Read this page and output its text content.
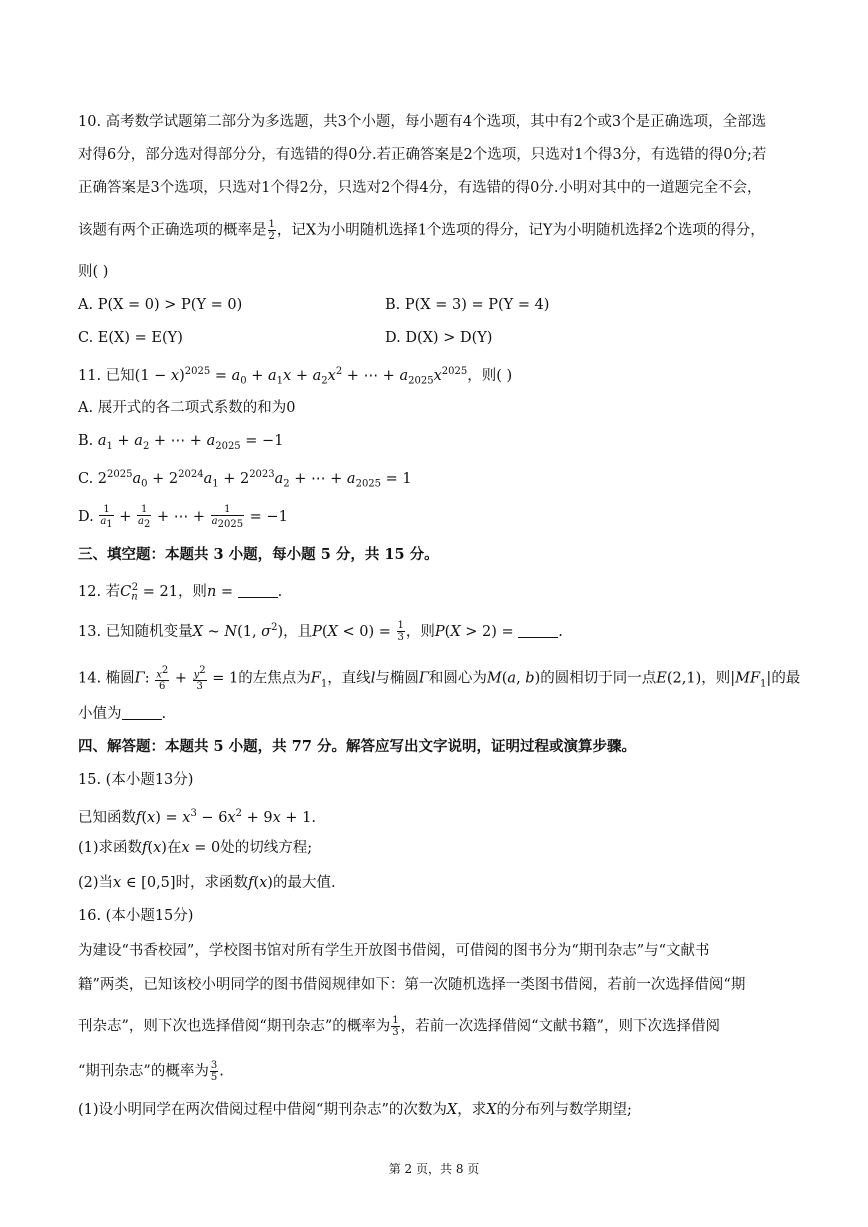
10. 高考数学试题第二部分为多选题，共3个小题，每小题有4个选项，其中有2个或3个是正确选项，全部选
对得6分，部分选对得部分分，有选错的得0分.若正确答案是2个选项，只选对1个得3分，有选错的得0分;若
正确答案是3个选项，只选对1个得2分，只选对2个得4分，有选错的得0分.小明对其中的一道题完全不会，
该题有两个正确选项的概率是 $\frac{1}{2}$ ，记X为小明随机选择1个选项的得分，记Y为小明随机选择2个选项的得分，
则( )
A. P(X = 0) > P(Y = 0)	B. P(X = 3) = P(Y = 4)
C. E(X) = E(Y)	D. D(X) > D(Y)
11. 已知$(1 - x)^{2025} = a_0 + a_1x + a_2x^2$ + ⋯ + $a_{2025}x^{2025}$，则( )
A. 展开式的各二项式系数的和为0
B. $a_1 + a_2$ + ⋯ + $a_{2025} = -1$
C. $2^{2025}a_0 + 2^{2024}a_1 + 2^{2023}a_2$ + ⋯ + $a_{2025} = 1$
D. $\frac{1}{a_1} + \frac{1}{a_2}$ + ⋯ + $\frac{1}{a_{2025}} = -1$
三、填空题：本题共 3 小题，每小题 5 分，共 15 分。
12. 若$C_n^2 = 21$，则n =	.
13. 已知随机变量X ~ N(1, $\sigma^2$)，且$P(X < 0) = \frac{1}{3}$ ，则P(X > 2) =	.
14. 椭圆Γ: $\frac{x^2}{6} + \frac{y^2}{3} = 1$的左焦点为$F_1$，直线l与椭圆Γ和圆心为M(a, b)的圆相切于同一点E(2,1)，则$|MF_1|$的最
小值为	.
四、解答题：本题共 5 小题，共 77 分。解答应写出文字说明，证明过程或演算步骤。
15. (本小题13分)
已知函数$f(x) = x^3 - 6x^2 + 9x + 1$.
(1)求函数f(x)在x = 0处的切线方程;
(2)当x ∈ [0,5]时，求函数f(x)的最大值.
16. (本小题15分)
为建设“书香校园”，学校图书馆对所有学生开放图书借阅，可借阅的图书分为“期刊杂志”与“文献书
籍”两类，已知该校小明同学的图书借阅规律如下：第一次随机选择一类图书借阅，若前一次选择借阅“期
刊杂志”，则下次也选择借阅“期刊杂志”的概率为 $\frac{1}{3}$ ，若前一次选择借阅“文献书籍”，则下次选择借阅
“期刊杂志”的概率为 $\frac{3}{5}$ .
(1)设小明同学在两次借阅过程中借阅“期刊杂志”的次数为X，求X的分布列与数学期望;
第 2 页，共 8 页
